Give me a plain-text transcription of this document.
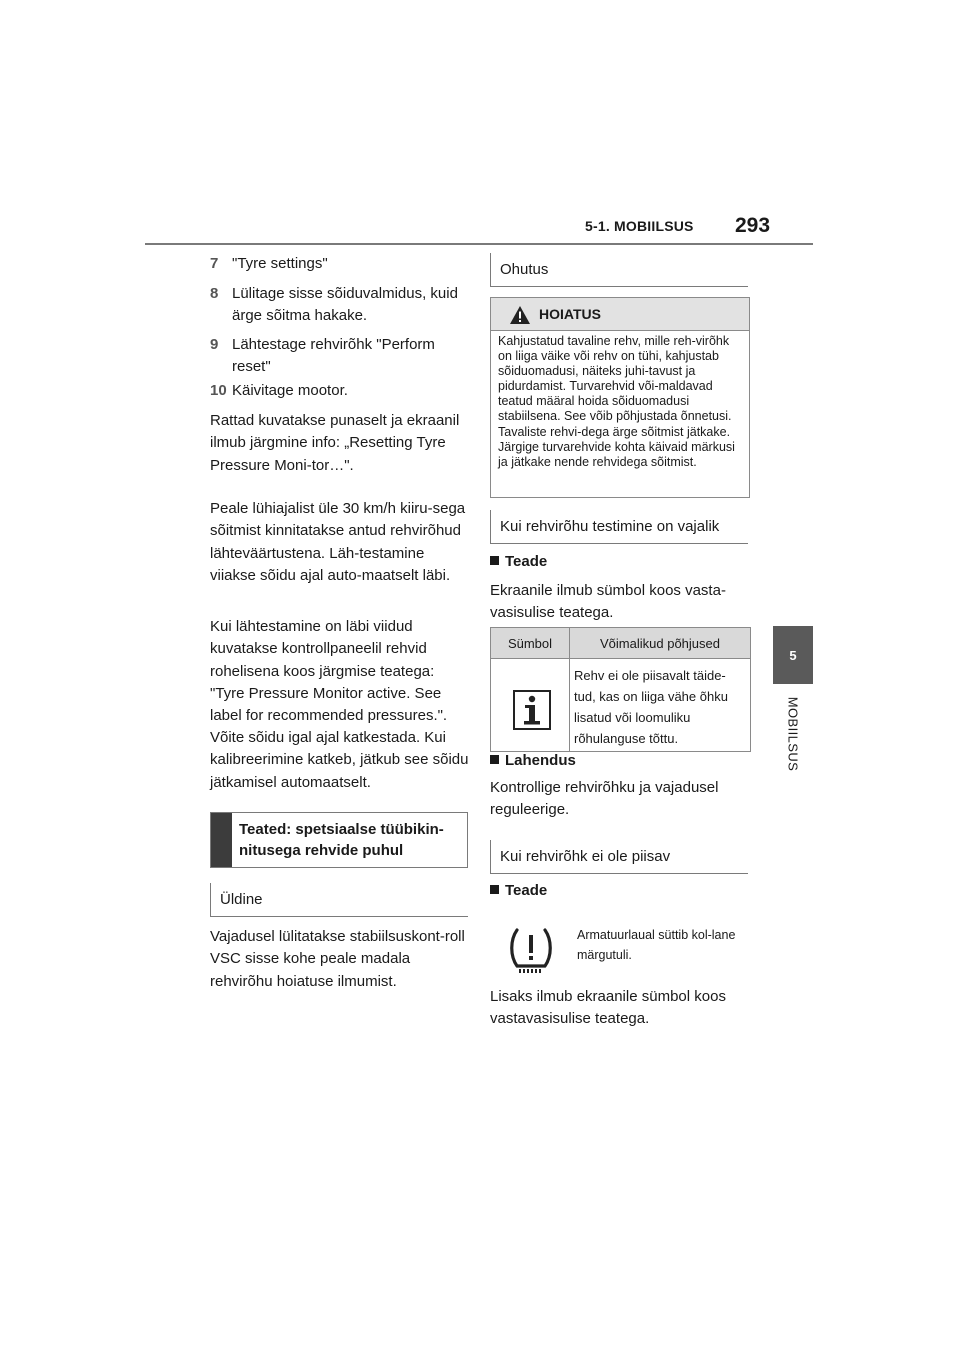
5-1. MOBIILSUS 293
5
MOBIILSUS
7 "Tyre settings"
8 Lülitage sisse sõiduvalmidus, kuid ärge sõitma hakake.
9 Lähtestage rehvirõhk "Perform reset"
10 Käivitage mootor.

Rattad kuvatakse punaselt ja ekraanil ilmub järgmine info: „Resetting Tyre Pressure Moni-tor…".

Peale lühiajalist üle 30 km/h kiiru-sega sõitmist kinnitatakse antud rehvirõhud lähteväärtustena. Läh-testamine viiakse sõidu ajal auto-maatselt läbi.

Kui lähtestamine on läbi viidud kuvatakse kontrollpaneelil rehvid rohelisena koos järgmise teatega: "Tyre Pressure Monitor active. See label for recommended pressures.".

Võite sõidu igal ajal katkestada. Kui kalibreerimine katkeb, jätkub see sõidu jätkamisel automaatselt.

Teated: spetsiaalse tüübikin-nitusega rehvide puhul
Üldine

Vajadusel lülitatakse stabiilsuskont-roll VSC sisse kohe peale madala rehvirõhu hoiatuse ilmumist.

Ohutus
HOIATUS

Kahjustatud tavaline rehv, mille reh-virõhk on liiga väike või rehv on tühi, kahjustab sõiduomadusi, näiteks juhi-tavust ja pidurdamist. Turvarehvid või-maldavad teatud määral hoida sõiduomadusi stabiilsena. See võib põhjustada õnnetusi. Tavaliste rehvi-dega ärge sõitmist jätkake. Järgige turvarehvide kohta käivaid märkusi ja jätkake nende rehvidega sõitmist.

Kui rehvirõhu testimine on vajalik
Teade

Ekraanile ilmub sümbol koos vasta-vasisulise teatega.

Sümbol	Võimalikud põhjused

	Rehv ei ole piisavalt täide-tud, kas on liiga vähe õhku lisatud või loomuliku rõhulanguse tõttu.
Lahendus

Kontrollige rehvirõhku ja vajadusel reguleerige.

Kui rehvirõhk ei ole piisav
Teade

Armatuurlaual süttib kol-lane märgutuli.

Lisaks ilmub ekraanile sümbol koos vastavasisulise teatega.
